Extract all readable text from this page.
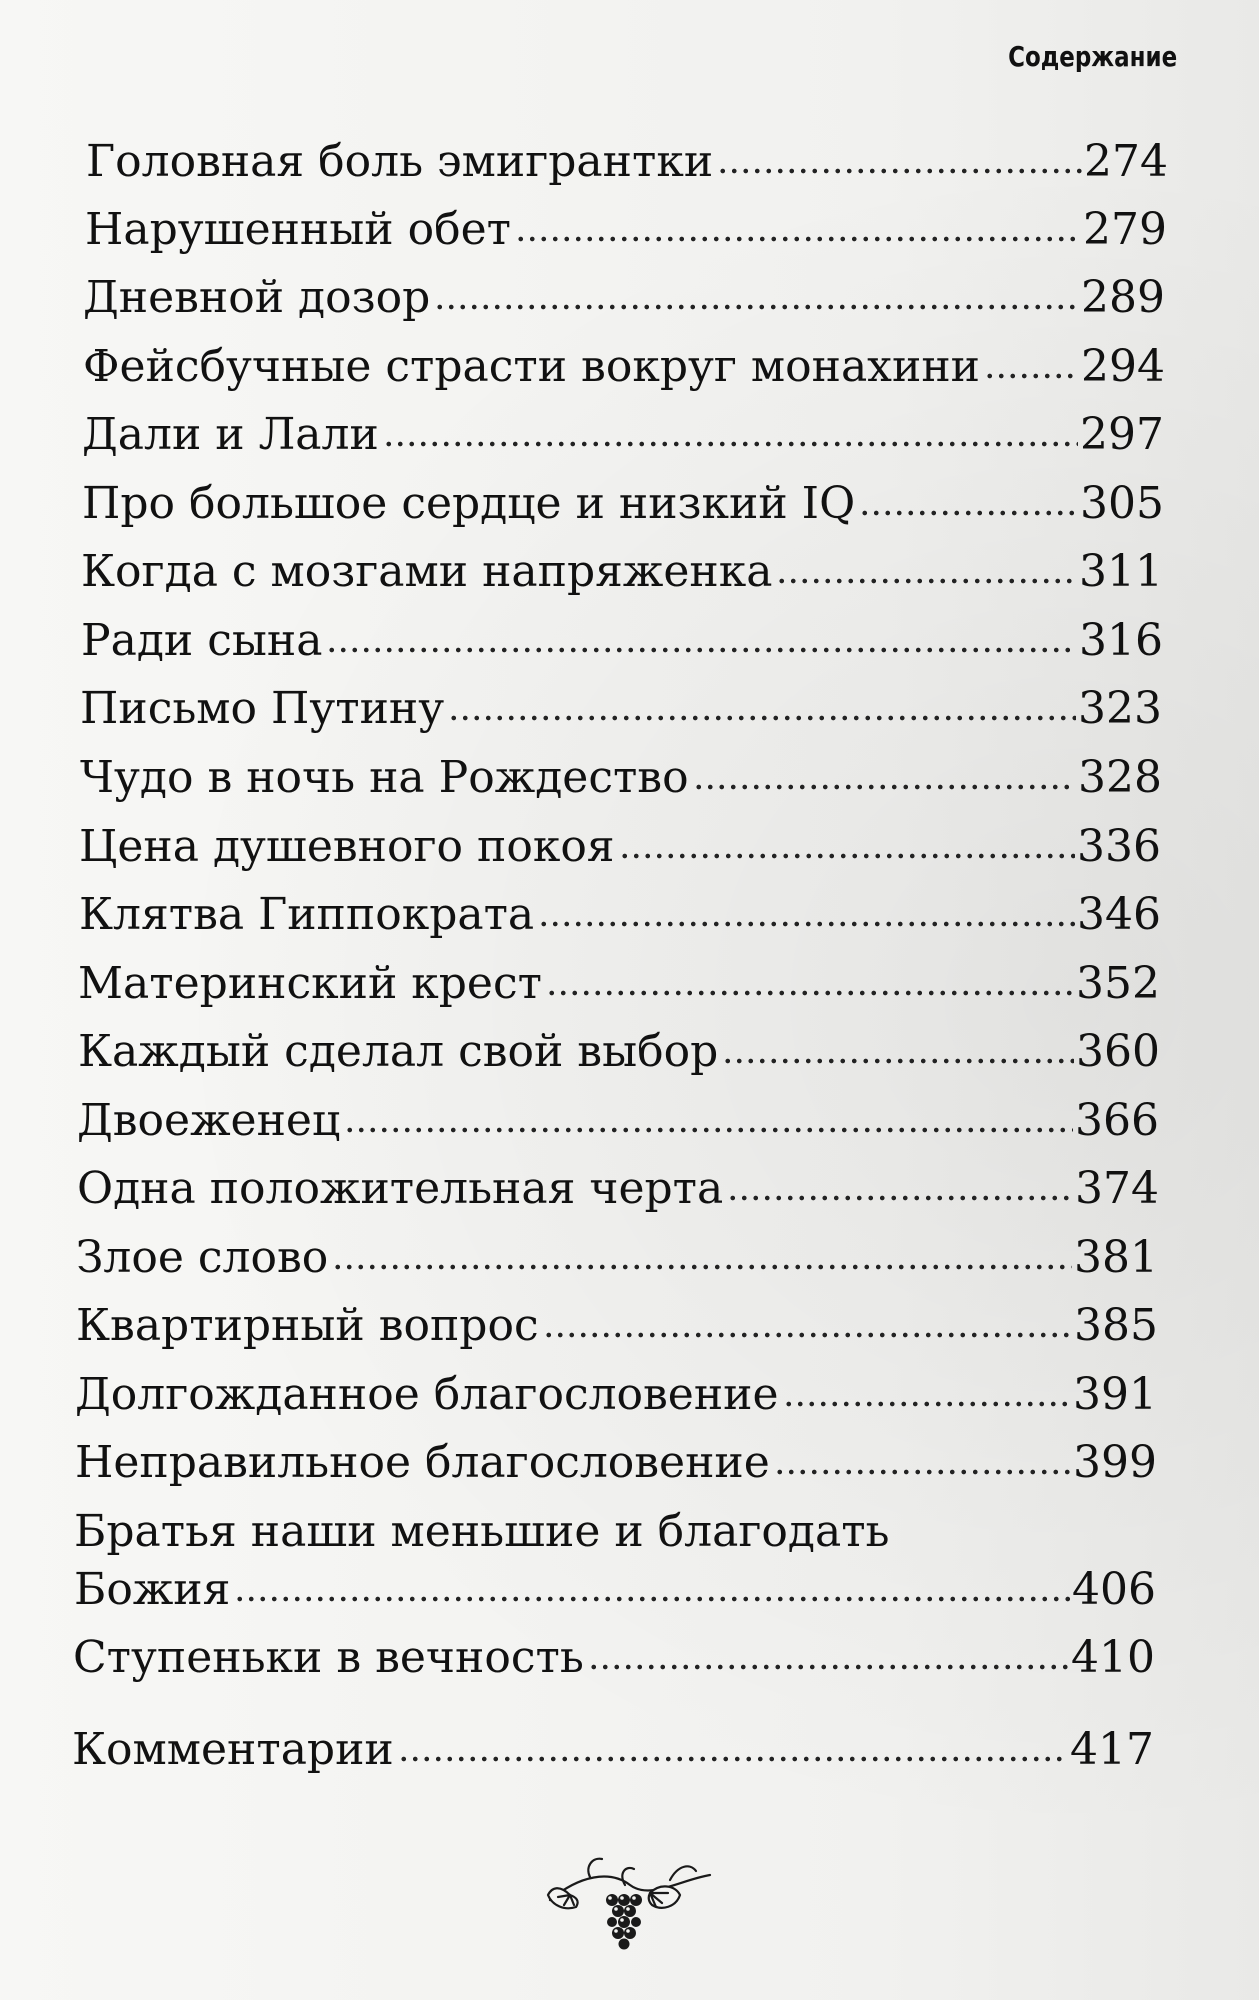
Содержание
Головная боль эмигрантки	274
Нарушенный обет	279
Дневной дозор	289
Фейсбучные страсти вокруг монахини 294
Дали и Лали	297
Про большое сердце и низкий IQ	305
Когда с мозгами напряженка	311
Ради сына	316
Письмо Путину	323
Чудо в ночь на Рождество	328
Цена душевного покоя	336
Клятва Гиппократа	346
Материнский крест	352
Каждый сделал свой выбор	360
Двоеженец	366
Одна положительная черта	374
Злое слово	381
Квартирный вопрос	385
Долгожданное благословение	391
Неправильное благословение	399
Братья наши меньшие и благодать
Божия	406
Ступеньки в вечность	410
Комментарии	417
